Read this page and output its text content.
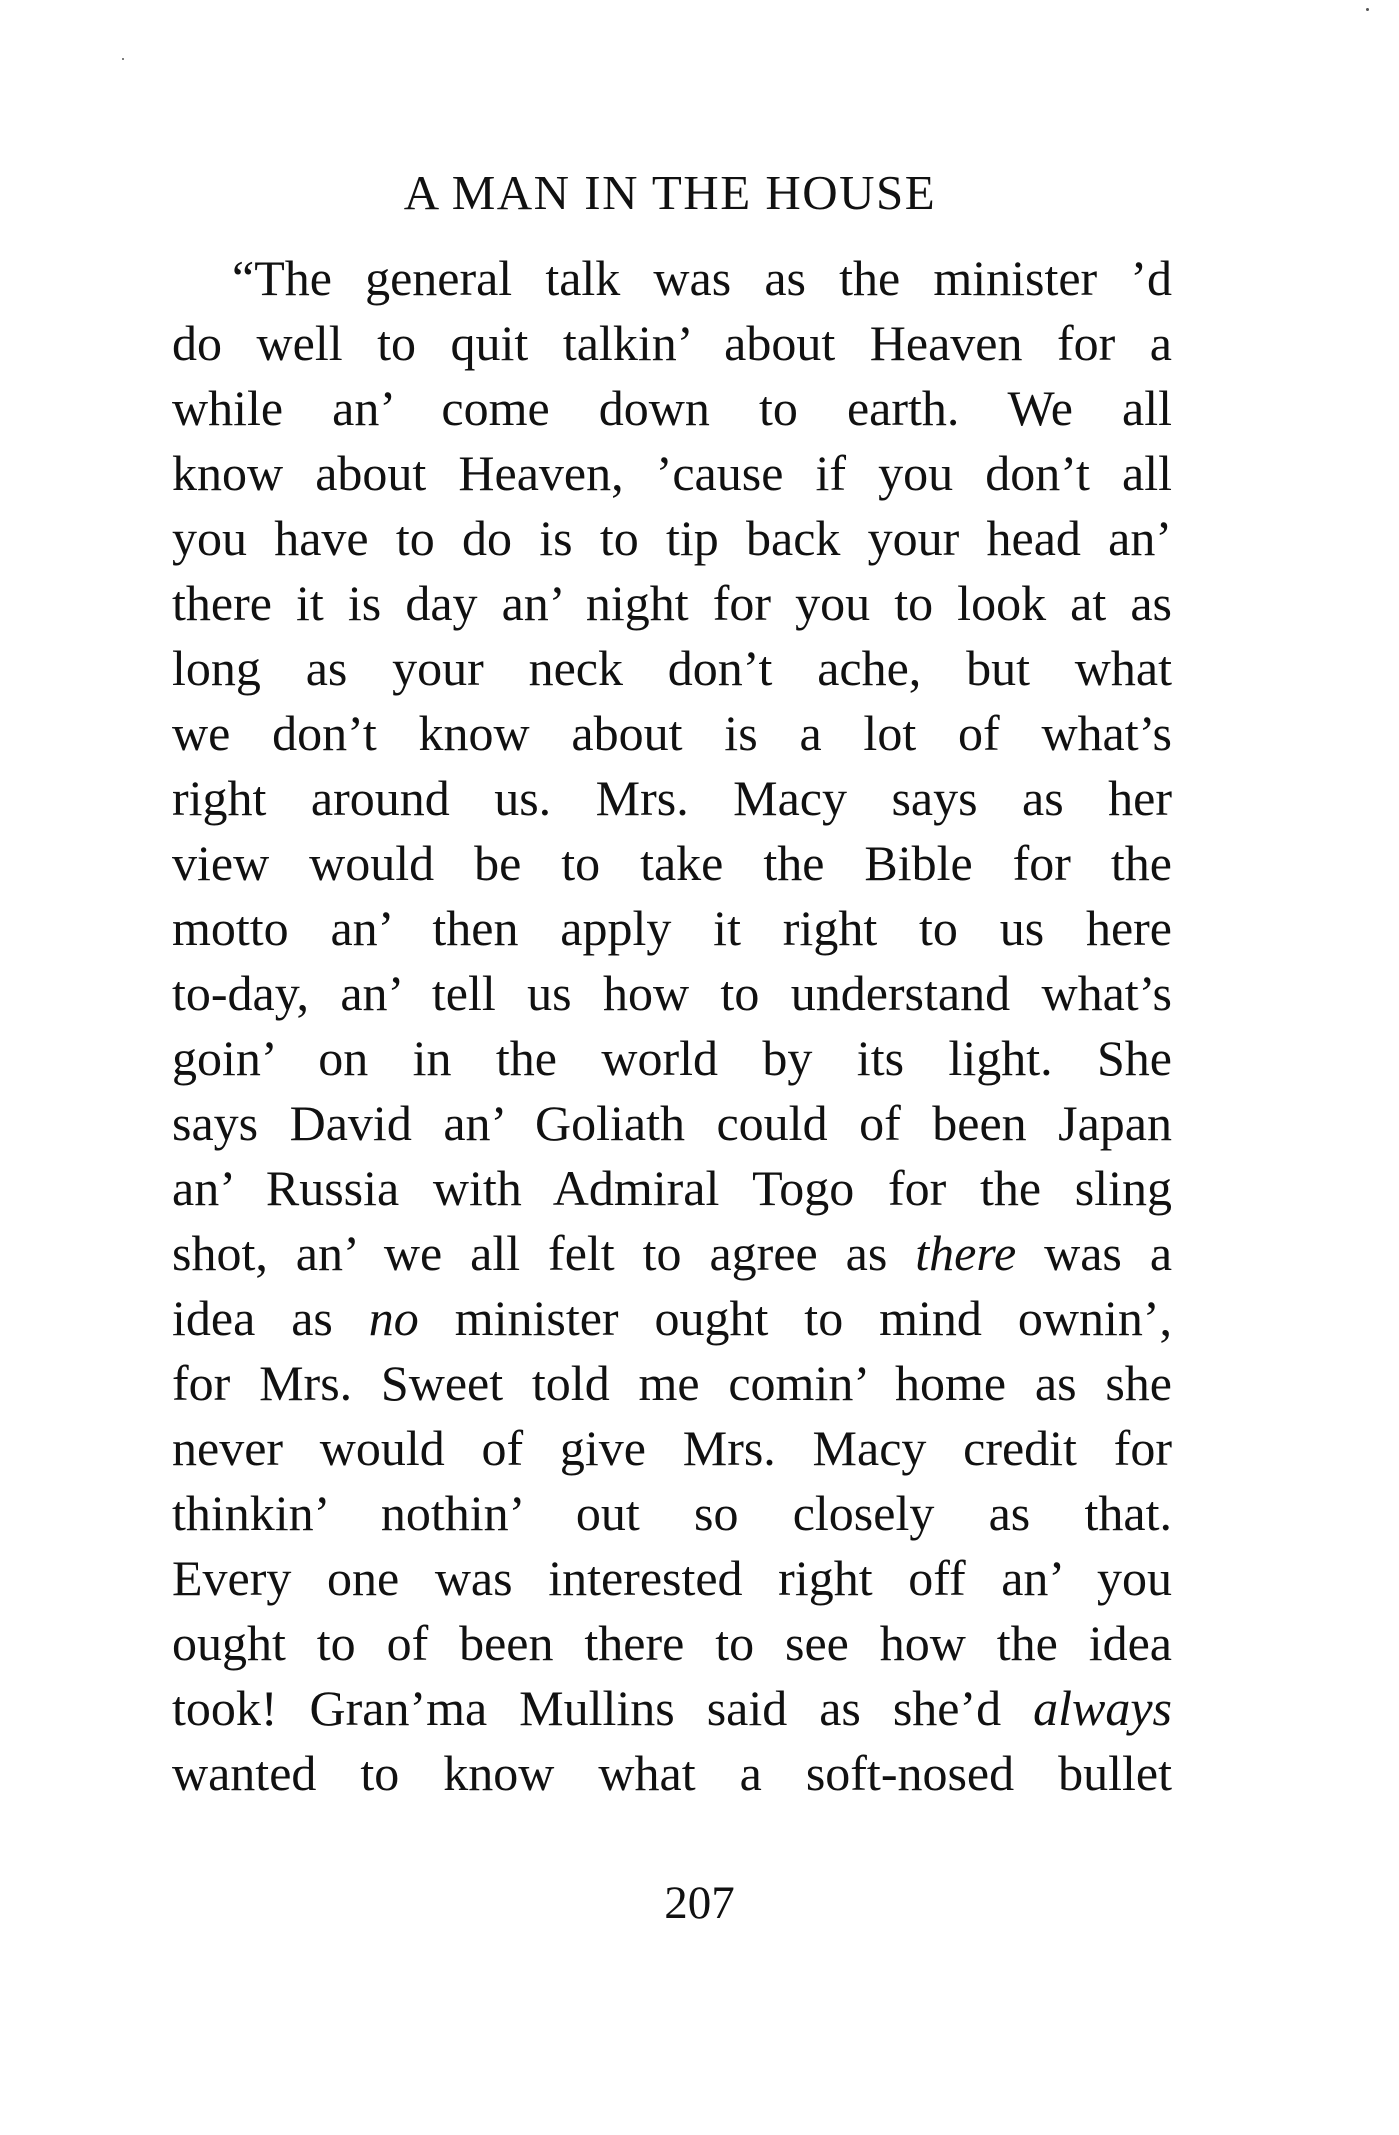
A MAN IN THE HOUSE
“The general talk was as the minister ’d
do well to quit talkin’ about Heaven for a
while an’ come down to earth. We all
know about Heaven, ’cause if you don’t all
you have to do is to tip back your head an’
there it is day an’ night for you to look at as
long as your neck don’t ache, but what
we don’t know about is a lot of what’s
right around us. Mrs. Macy says as her
view would be to take the Bible for the
motto an’ then apply it right to us here
to-day, an’ tell us how to understand what’s
goin’ on in the world by its light. She
says David an’ Goliath could of been Japan
an’ Russia with Admiral Togo for the sling
shot, an’ we all felt to agree as there was a
idea as no minister ought to mind ownin’,
for Mrs. Sweet told me comin’ home as she
never would of give Mrs. Macy credit for
thinkin’ nothin’ out so closely as that.
Every one was interested right off an’ you
ought to of been there to see how the idea
took! Gran’ma Mullins said as she’d always
wanted to know what a soft-nosed bullet
207
